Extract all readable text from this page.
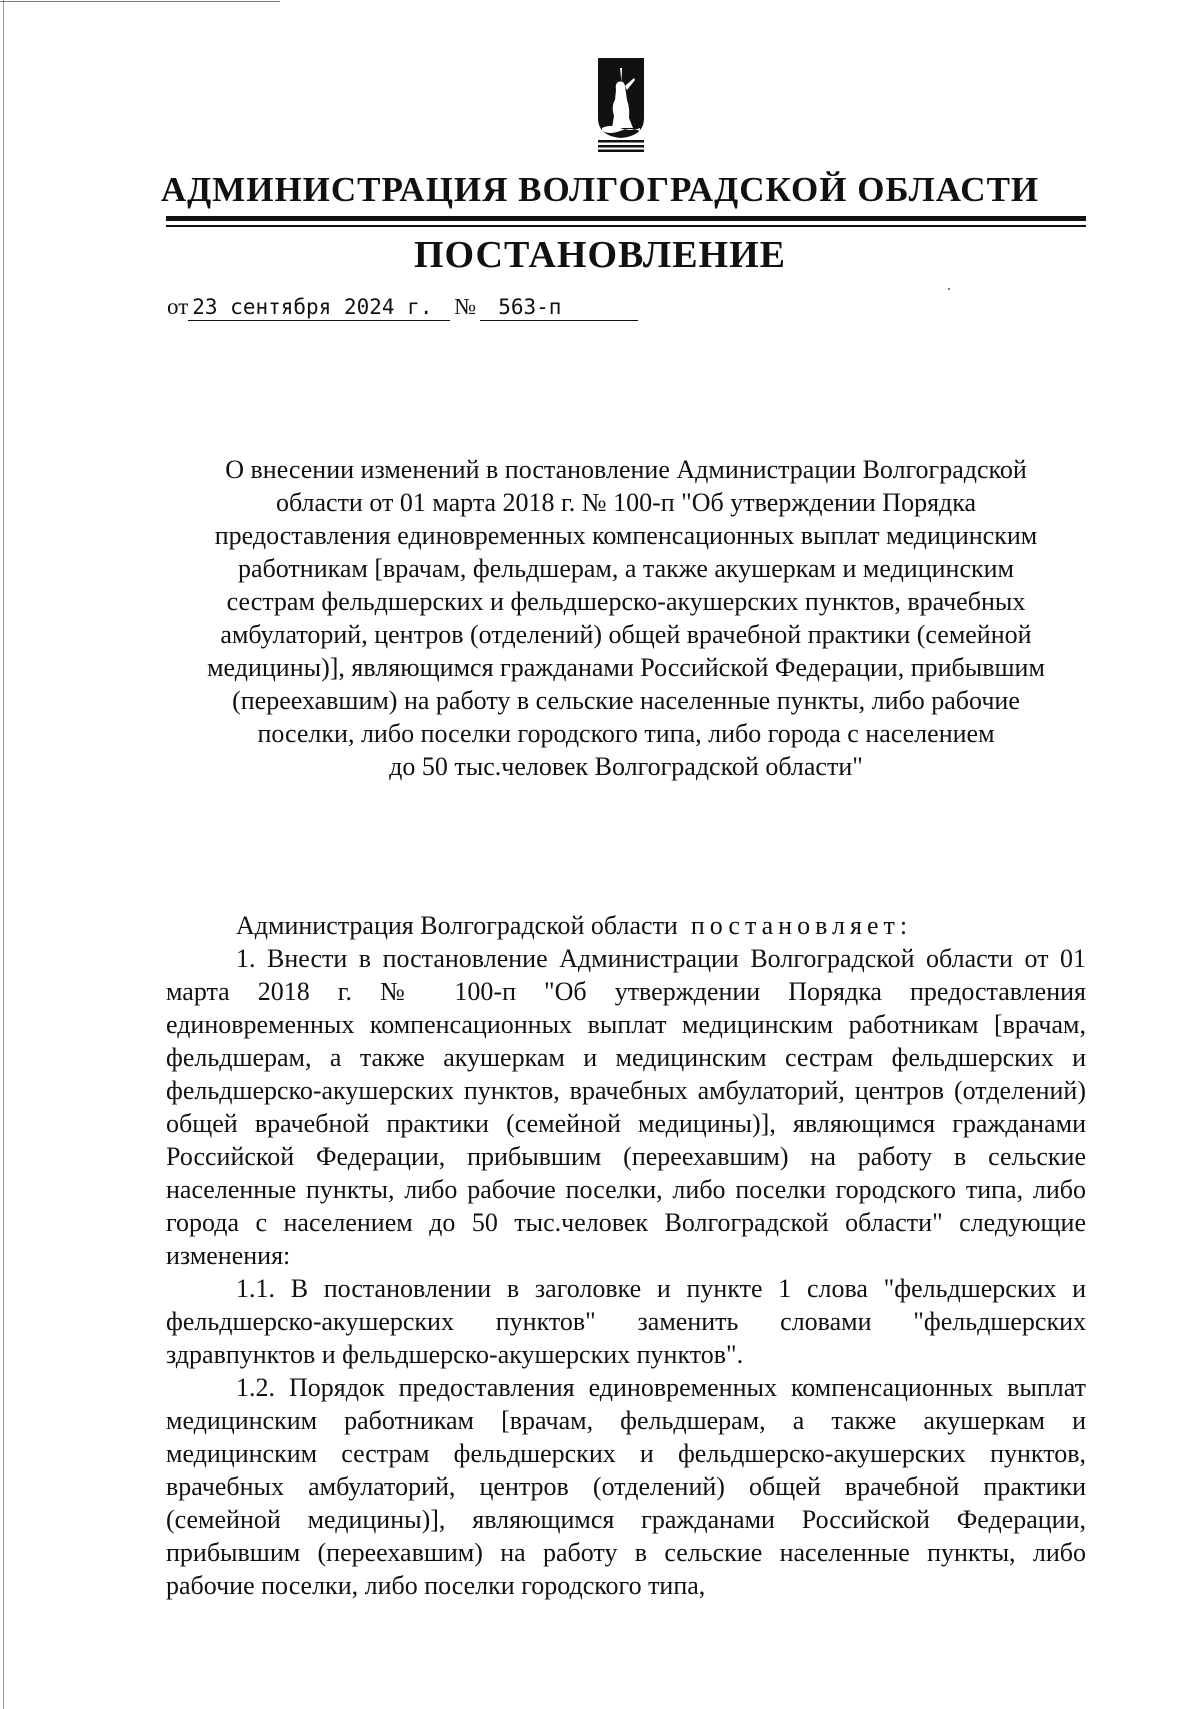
АДМИНИСТРАЦИЯ ВОЛГОГРАДСКОЙ ОБЛАСТИ
ПОСТАНОВЛЕНИЕ
от 23 сентября 2024 г. № 563-п
О внесении изменений в постановление Администрации Волгоградской
области от 01 марта 2018 г. № 100-п "Об утверждении Порядка
предоставления единовременных компенсационных выплат медицинским
работникам [врачам, фельдшерам, а также акушеркам и медицинским
сестрам фельдшерских и фельдшерско-акушерских пунктов, врачебных
амбулаторий, центров (отделений) общей врачебной практики (семейной
медицины)], являющимся гражданами Российской Федерации, прибывшим
(переехавшим) на работу в сельские населенные пункты, либо рабочие
поселки, либо поселки городского типа, либо города с населением
до 50 тыс.человек Волгоградской области"

Администрация Волгоградской области постановляет:

1. Внести в постановление Администрации Волгоградской области от 01 марта 2018 г. № 100-п "Об утверждении Порядка предоставления единовременных компенсационных выплат медицинским работникам [врачам, фельдшерам, а также акушеркам и медицинским сестрам фельдшерских и фельдшерско-акушерских пунктов, врачебных амбулаторий, центров (отделений) общей врачебной практики (семейной медицины)], являющимся гражданами Российской Федерации, прибывшим (переехавшим) на работу в сельские населенные пункты, либо рабочие поселки, либо поселки городского типа, либо города с населением до 50 тыс.человек Волгоградской области" следующие изменения:

1.1. В постановлении в заголовке и пункте 1 слова "фельдшерских и фельдшерско-акушерских пунктов" заменить словами "фельдшерских здравпунктов и фельдшерско-акушерских пунктов".

1.2. Порядок предоставления единовременных компенсационных выплат медицинским работникам [врачам, фельдшерам, а также акушеркам и медицинским сестрам фельдшерских и фельдшерско-акушерских пунктов, врачебных амбулаторий, центров (отделений) общей врачебной практики (семейной медицины)], являющимся гражданами Российской Федерации, прибывшим (переехавшим) на работу в сельские населенные пункты, либо рабочие поселки, либо поселки городского типа,
